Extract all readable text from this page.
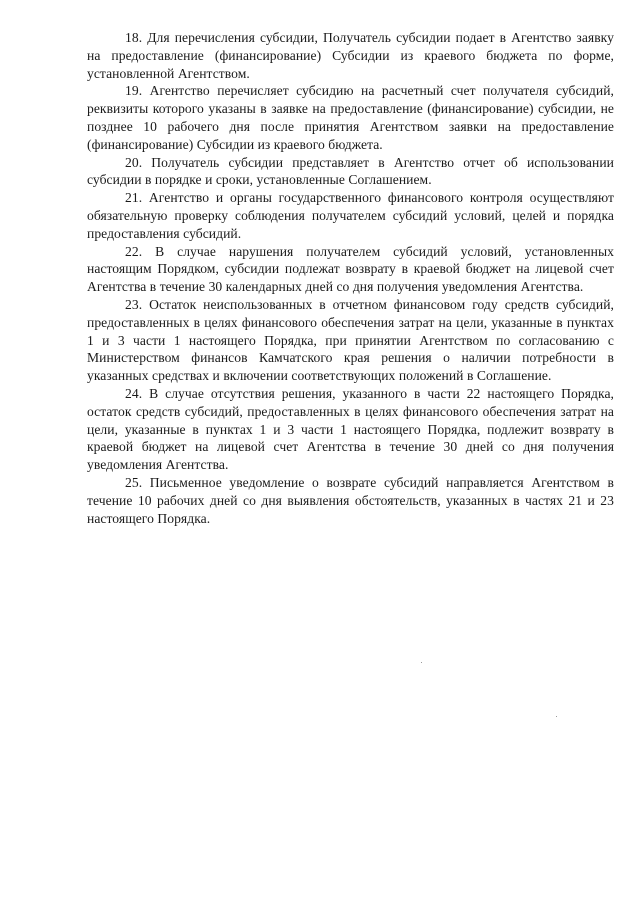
18. Для перечисления субсидии, Получатель субсидии подает в Агентство заявку на предоставление (финансирование) Субсидии из краевого бюджета по форме, установленной Агентством.

19. Агентство перечисляет субсидию на расчетный счет получателя субсидий, реквизиты которого указаны в заявке на предоставление (финансирование) субсидии, не позднее 10 рабочего дня после принятия Агентством заявки на предоставление (финансирование) Субсидии из краевого бюджета.

20. Получатель субсидии представляет в Агентство отчет об использовании субсидии в порядке и сроки, установленные Соглашением.

21. Агентство и органы государственного финансового контроля осуществляют обязательную проверку соблюдения получателем субсидий условий, целей и порядка предоставления субсидий.

22. В случае нарушения получателем субсидий условий, установленных настоящим Порядком, субсидии подлежат возврату в краевой бюджет на лицевой счет Агентства в течение 30 календарных дней со дня получения уведомления Агентства.

23. Остаток неиспользованных в отчетном финансовом году средств субсидий, предоставленных в целях финансового обеспечения затрат на цели, указанные в пунктах 1 и 3 части 1 настоящего Порядка, при принятии Агентством по согласованию с Министерством финансов Камчатского края решения о наличии потребности в указанных средствах и включении соответствующих положений в Соглашение.

24. В случае отсутствия решения, указанного в части 22 настоящего Порядка, остаток средств субсидий, предоставленных в целях финансового обеспечения затрат на цели, указанные в пунктах 1 и 3 части 1 настоящего Порядка, подлежит возврату в краевой бюджет на лицевой счет Агентства в течение 30 дней со дня получения уведомления Агентства.

25. Письменное уведомление о возврате субсидий направляется Агентством в течение 10 рабочих дней со дня выявления обстоятельств, указанных в частях 21 и 23 настоящего Порядка.
